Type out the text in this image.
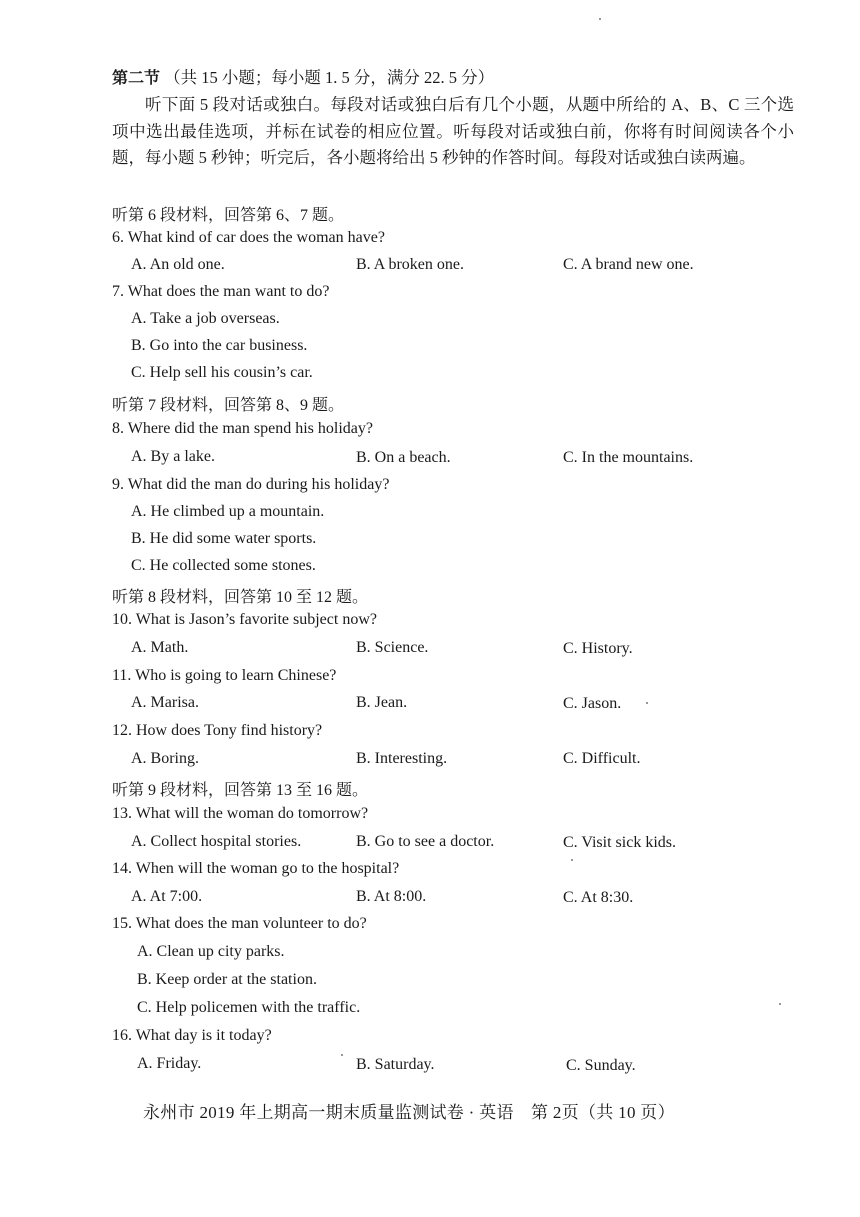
第二节 （共 15 小题；每小题 1. 5 分，满分 22. 5 分）
听下面 5 段对话或独白。每段对话或独白后有几个小题，从题中所给的 A、B、C 三个选项中选出最佳选项，并标在试卷的相应位置。听每段对话或独白前，你将有时间阅读各个小题，每小题 5 秒钟；听完后，各小题将给出 5 秒钟的作答时间。每段对话或独白读两遍。
听第 6 段材料，回答第 6、7 题。
6. What kind of car does the woman have?
A. An old one.	B. A broken one.	C. A brand new one.
7. What does the man want to do?
A. Take a job overseas.
B. Go into the car business.
C. Help sell his cousin’s car.
听第 7 段材料，回答第 8、9 题。
8. Where did the man spend his holiday?
A. By a lake.	B. On a beach.	C. In the mountains.
9. What did the man do during his holiday?
A. He climbed up a mountain.
B. He did some water sports.
C. He collected some stones.
听第 8 段材料，回答第 10 至 12 题。
10. What is Jason’s favorite subject now?
A. Math.	B. Science.	C. History.
11. Who is going to learn Chinese?
A. Marisa.	B. Jean.	C. Jason.
12. How does Tony find history?
A. Boring.	B. Interesting.	C. Difficult.
听第 9 段材料，回答第 13 至 16 题。
13. What will the woman do tomorrow?
A. Collect hospital stories.	B. Go to see a doctor.	C. Visit sick kids.
14. When will the woman go to the hospital?
A. At 7:00.	B. At 8:00.	C. At 8:30.
15. What does the man volunteer to do?
A. Clean up city parks.
B. Keep order at the station.
C. Help policemen with the traffic.
16. What day is it today?
A. Friday.	B. Saturday.	C. Sunday.
永州市 2019 年上期高一期末质量监测试卷 · 英语　第 2页（共 10 页）
